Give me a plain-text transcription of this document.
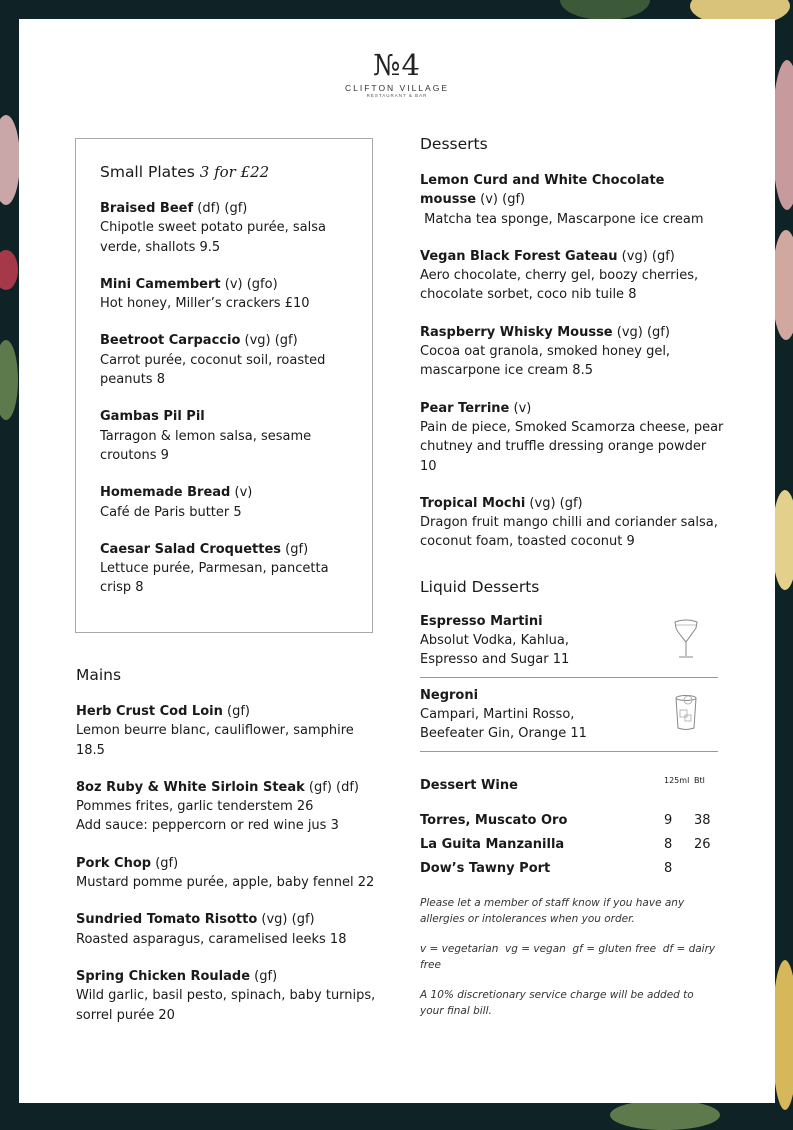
№4
CLIFTON VILLAGE
RESTAURANT & BAR
Small Plates 3 for £22
Braised Beef (df) (gf)
Chipotle sweet potato purée, salsa verde, shallots 9.5
Mini Camembert (v) (gfo)
Hot honey, Miller’s crackers £10
Beetroot Carpaccio (vg) (gf)
Carrot purée, coconut soil, roasted peanuts 8
Gambas Pil Pil
Tarragon & lemon salsa, sesame croutons 9
Homemade Bread (v)
Café de Paris butter 5
Caesar Salad Croquettes (gf)
Lettuce purée, Parmesan, pancetta crisp 8
Mains
Herb Crust Cod Loin (gf)
Lemon beurre blanc, cauliflower, samphire 18.5
8oz Ruby & White Sirloin Steak (gf) (df)
Pommes frites, garlic tenderstem 26
Add sauce: peppercorn or red wine jus 3
Pork Chop (gf)
Mustard pomme purée, apple, baby fennel 22
Sundried Tomato Risotto (vg) (gf)
Roasted asparagus, caramelised leeks 18
Spring Chicken Roulade (gf)
Wild garlic, basil pesto, spinach, baby turnips, sorrel purée 20
Desserts
Lemon Curd and White Chocolate mousse (v) (gf)
Matcha tea sponge, Mascarpone ice cream
Vegan Black Forest Gateau (vg) (gf)
Aero chocolate, cherry gel, boozy cherries, chocolate sorbet, coco nib tuile 8
Raspberry Whisky Mousse (vg) (gf)
Cocoa oat granola, smoked honey gel, mascarpone ice cream 8.5
Pear Terrine (v)
Pain de piece, Smoked Scamorza cheese, pear chutney and truffle dressing orange powder 10
Tropical Mochi (vg) (gf)
Dragon fruit mango chilli and coriander salsa, coconut foam, toasted coconut 9
Liquid Desserts
Espresso Martini
Absolut Vodka, Kahlua,
Espresso and Sugar 11
Negroni
Campari, Martini Rosso,
Beefeater Gin, Orange 11
Dessert Wine	125ml Btl
Torres, Muscato Oro	9	38
La Guita Manzanilla	8	26
Dow’s Tawny Port	8
Please let a member of staff know if you have any allergies or intolerances when you order.
v = vegetarian  vg = vegan  gf = gluten free  df = dairy free
A 10% discretionary service charge will be added to your final bill.
